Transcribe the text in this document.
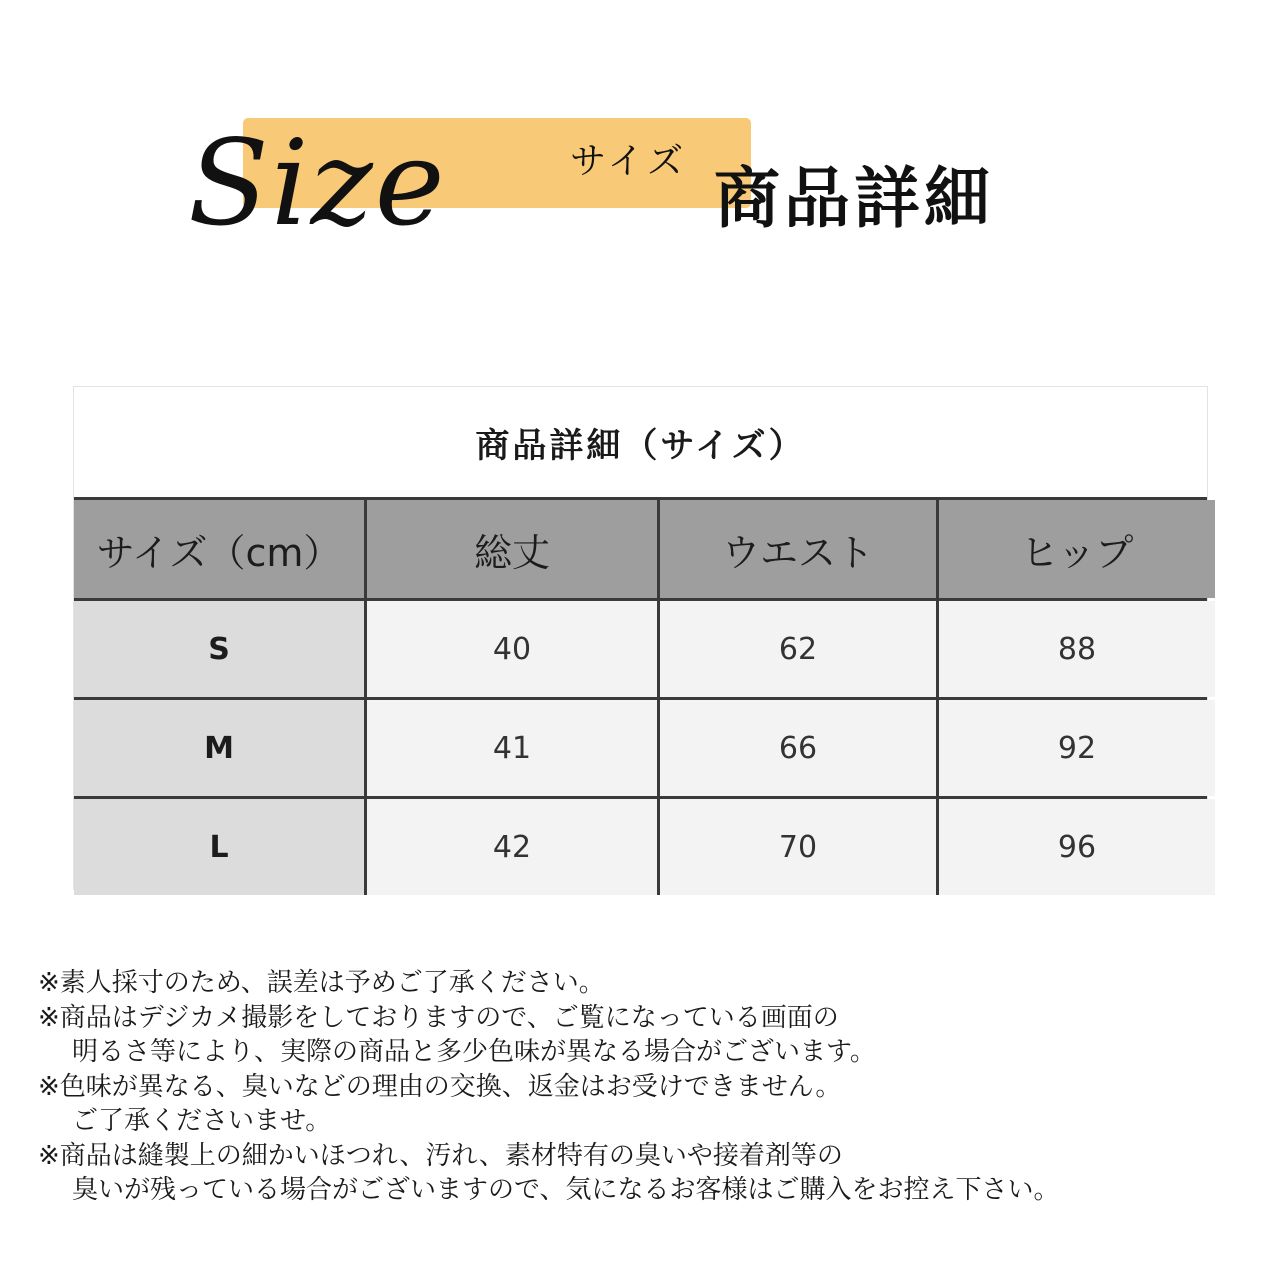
Size	サイズ 商品詳細
商品詳細（サイズ）
サイズ（cm）	総丈	ウエスト	ヒップ
S	40	62	88
M	41	66	92
L	42	70	96
※素人採寸のため、誤差は予めご了承ください。
※商品はデジカメ撮影をしておりますので、ご覧になっている画面の
明るさ等により、実際の商品と多少色味が異なる場合がございます。
※色味が異なる、臭いなどの理由の交換、返金はお受けできません。
ご了承くださいませ。
※商品は縫製上の細かいほつれ、汚れ、素材特有の臭いや接着剤等の
臭いが残っている場合がございますので、気になるお客様はご購入をお控え下さい。
